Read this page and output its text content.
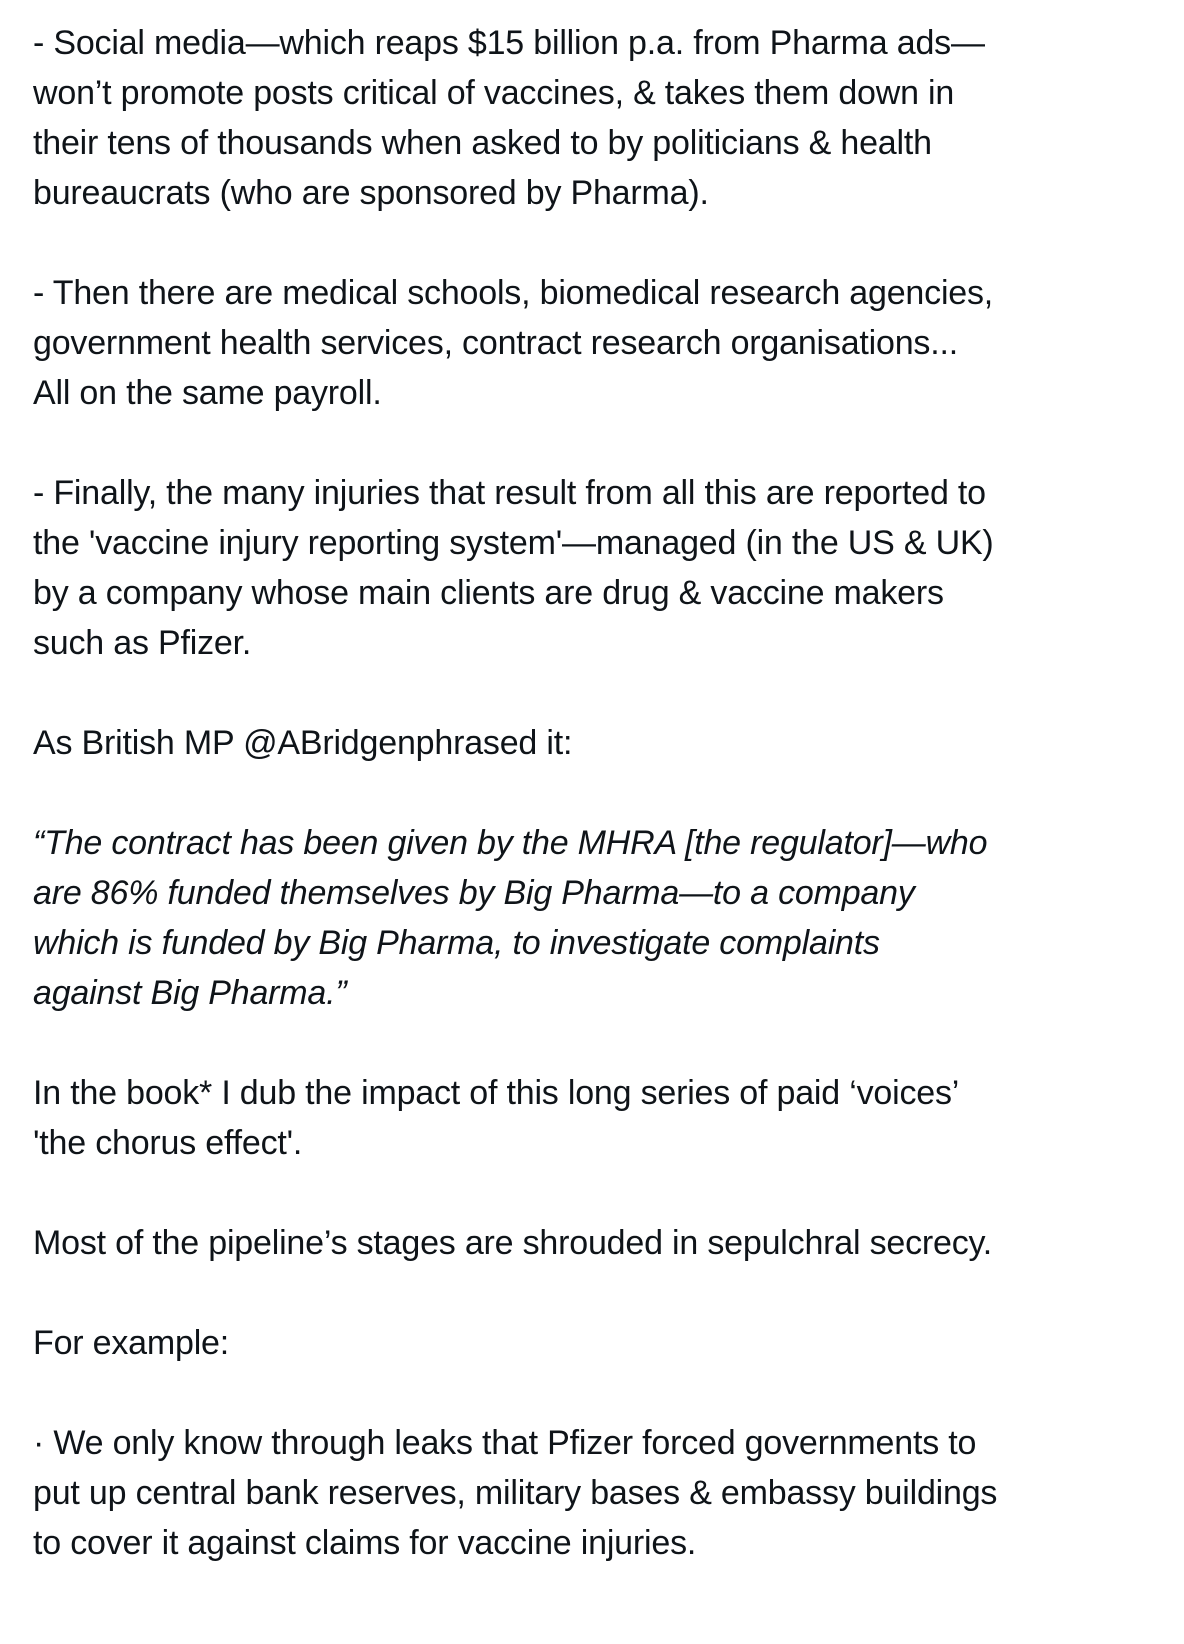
- Social media—which reaps $15 billion p.a. from Pharma ads—
won’t promote posts critical of vaccines, & takes them down in
their tens of thousands when asked to by politicians & health
bureaucrats (who are sponsored by Pharma).

- Then there are medical schools, biomedical research agencies,
government health services, contract research organisations...
All on the same payroll.

- Finally, the many injuries that result from all this are reported to
the 'vaccine injury reporting system'—managed (in the US & UK)
by a company whose main clients are drug & vaccine makers
such as Pfizer.

As British MP @ABridgenphrased it:

“The contract has been given by the MHRA [the regulator]—who
are 86% funded themselves by Big Pharma—to a company
which is funded by Big Pharma, to investigate complaints
against Big Pharma.”

In the book* I dub the impact of this long series of paid ‘voices’
'the chorus effect'.

Most of the pipeline’s stages are shrouded in sepulchral secrecy.

For example:

· We only know through leaks that Pfizer forced governments to
put up central bank reserves, military bases & embassy buildings
to cover it against claims for vaccine injuries.
